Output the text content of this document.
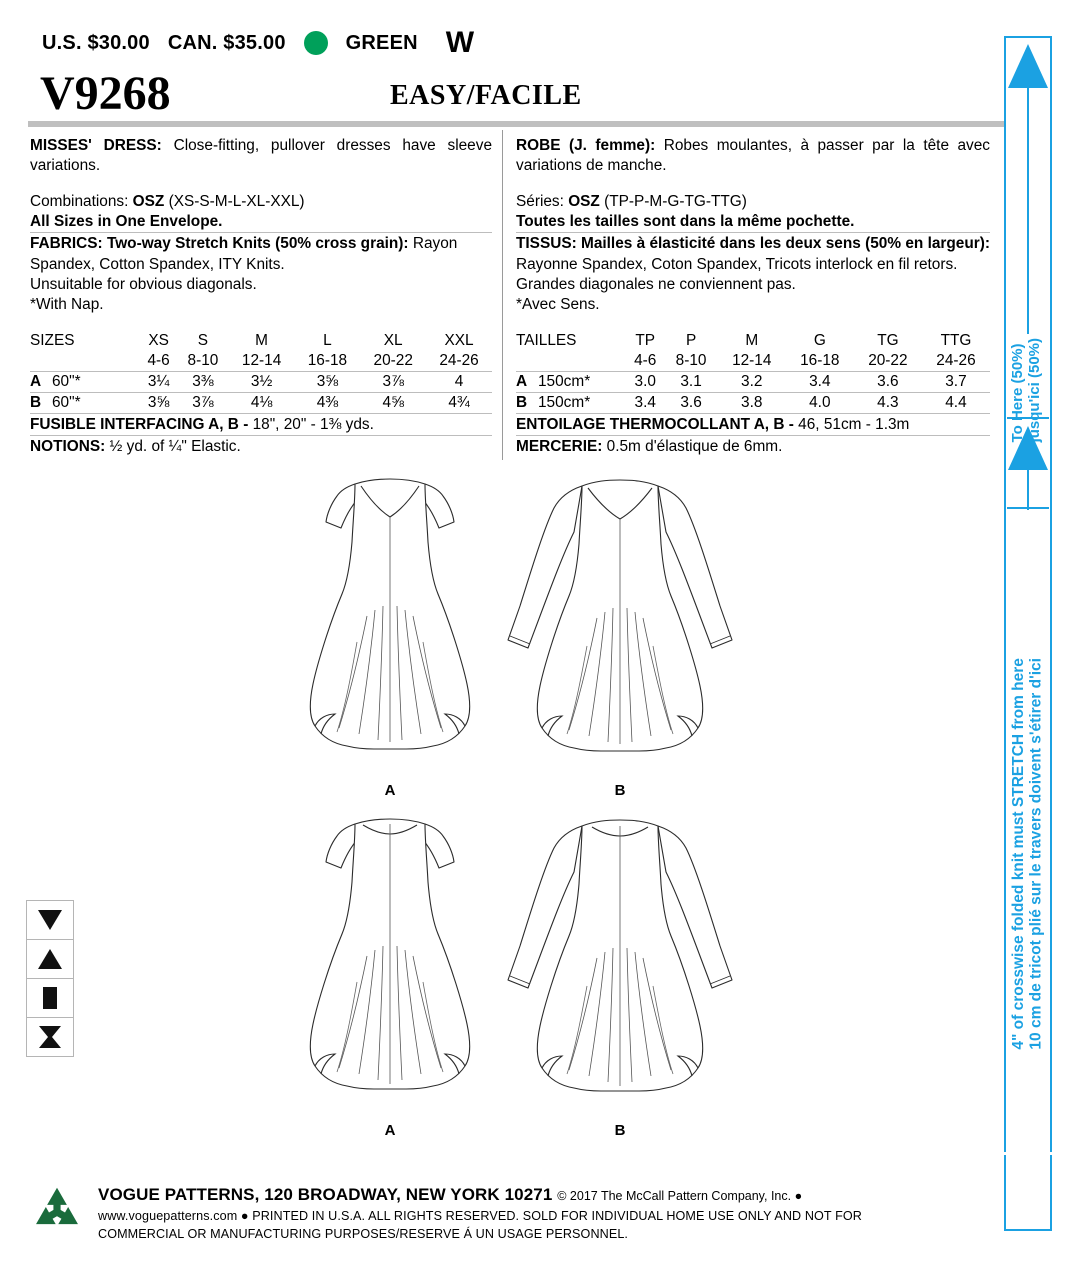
U.S. $30.00 CAN. $35.00	GREEN W
V9268	EASY/FACILE

MISSES' DRESS: Close-fitting, pullover dresses have sleeve variations.

Combinations: OSZ (XS-S-M-L-XL-XXL)

All Sizes in One Envelope.

FABRICS: Two-way Stretch Knits (50% cross grain): Rayon Spandex, Cotton Spandex, ITY Knits.

Unsuitable for obvious diagonals.

*With Nap.

ROBE (J. femme): Robes moulantes, à passer par la tête avec variations de manche.

Séries: OSZ (TP-P-M-G-TG-TTG)

Toutes les tailles sont dans la même pochette.

TISSUS: Mailles à élasticité dans les deux sens (50% en largeur): Rayonne Spandex, Coton Spandex, Tricots interlock en fil retors.

Grandes diagonales ne conviennent pas.

*Avec Sens.

SIZES		XS	S	M	L	XL	XXL
		4-6	8-10	12-14	16-18	20-22	24-26
A	60"*	3¼	3⅜	3½	3⅝	3⅞	4
B	60"*	3⅝	3⅞	4⅛	4⅜	4⅝	4¾
FUSIBLE INTERFACING A, B - 18", 20" - 1⅜ yds.
NOTIONS: ½ yd. of ¼" Elastic.
TAILLES		TP	P	M	G	TG	TTG
		4-6	8-10	12-14	16-18	20-22	24-26
A	150cm*	3.0	3.1	3.2	3.4	3.6	3.7
B	150cm*	3.4	3.6	3.8	4.0	4.3	4.4
ENTOILAGE THERMOCOLLANT A, B - 46, 51cm - 1.3m
MERCERIE: 0.5m d'élastique de 6mm.
A	B
A	B
To Here (50%)
jusqu'ici (50%)
4" of crosswise folded knit must STRETCH from here
10 cm de tricot plié sur le travers doivent s'étirer d'ici
VOGUE PATTERNS, 120 BROADWAY, NEW YORK 10271 © 2017 The McCall Pattern Company, Inc. ●
www.voguepatterns.com ● PRINTED IN U.S.A. ALL RIGHTS RESERVED. SOLD FOR INDIVIDUAL HOME USE ONLY AND NOT FOR
COMMERCIAL OR MANUFACTURING PURPOSES/RESERVE Á UN USAGE PERSONNEL.
